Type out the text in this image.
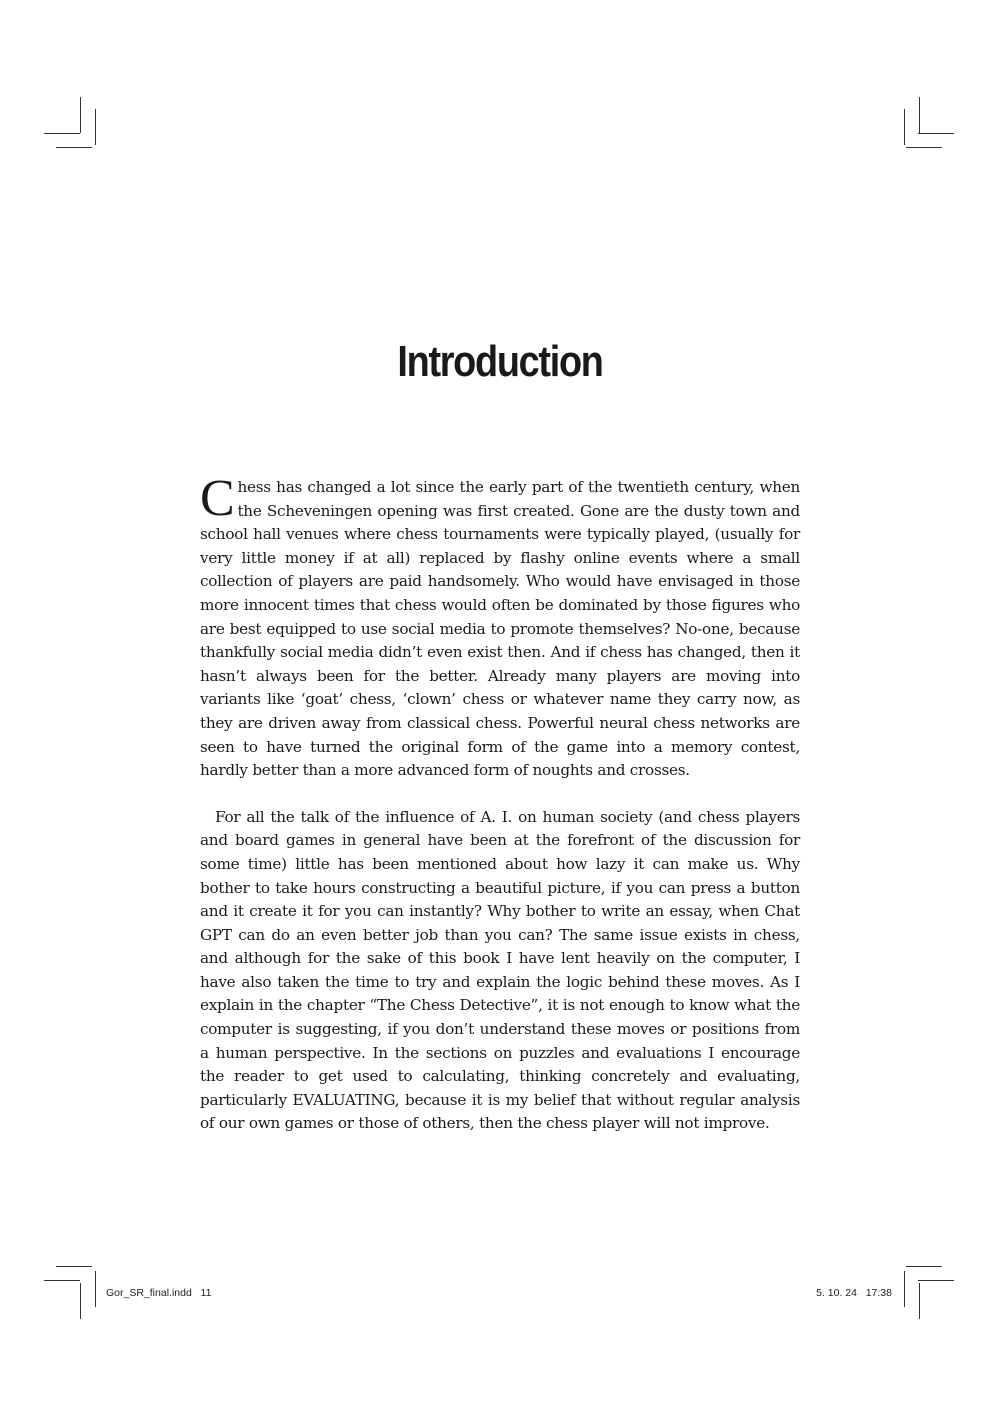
Introduction

Chess has changed a lot since the early part of the twentieth century, when the Scheveningen opening was first created. Gone are the dusty town and school hall venues where chess tournaments were typically played, (usually for very little money if at all) replaced by flashy online events where a small collection of players are paid handsomely. Who would have envisaged in those more innocent times that chess would often be dominated by those figures who are best equipped to use social media to promote themselves? No-one, because thankfully social media didn’t even exist then. And if chess has changed, then it hasn’t always been for the better. Already many players are moving into variants like ‘goat’ chess, ‘clown’ chess or whatever name they carry now, as they are driven away from classical chess. Powerful neural chess networks are seen to have turned the original form of the game into a memory contest, hardly better than a more advanced form of noughts and crosses.

For all the talk of the influence of A. I. on human society (and chess players and board games in general have been at the forefront of the discussion for some time) little has been mentioned about how lazy it can make us. Why bother to take hours constructing a beautiful picture, if you can press a button and it create it for you can instantly? Why bother to write an essay, when Chat GPT can do an even better job than you can? The same issue exists in chess, and although for the sake of this book I have lent heavily on the computer, I have also taken the time to try and explain the logic behind these moves. As I explain in the chapter “The Chess Detective”, it is not enough to know what the computer is suggesting, if you don’t understand these moves or positions from a human perspective. In the sections on puzzles and evaluations I encourage the reader to get used to calculating, thinking concretely and evaluating, particularly EVALUATING, because it is my belief that without regular analysis of our own games or those of others, then the chess player will not improve.

Gor_SR_final.indd   11	5. 10. 24   17:38
